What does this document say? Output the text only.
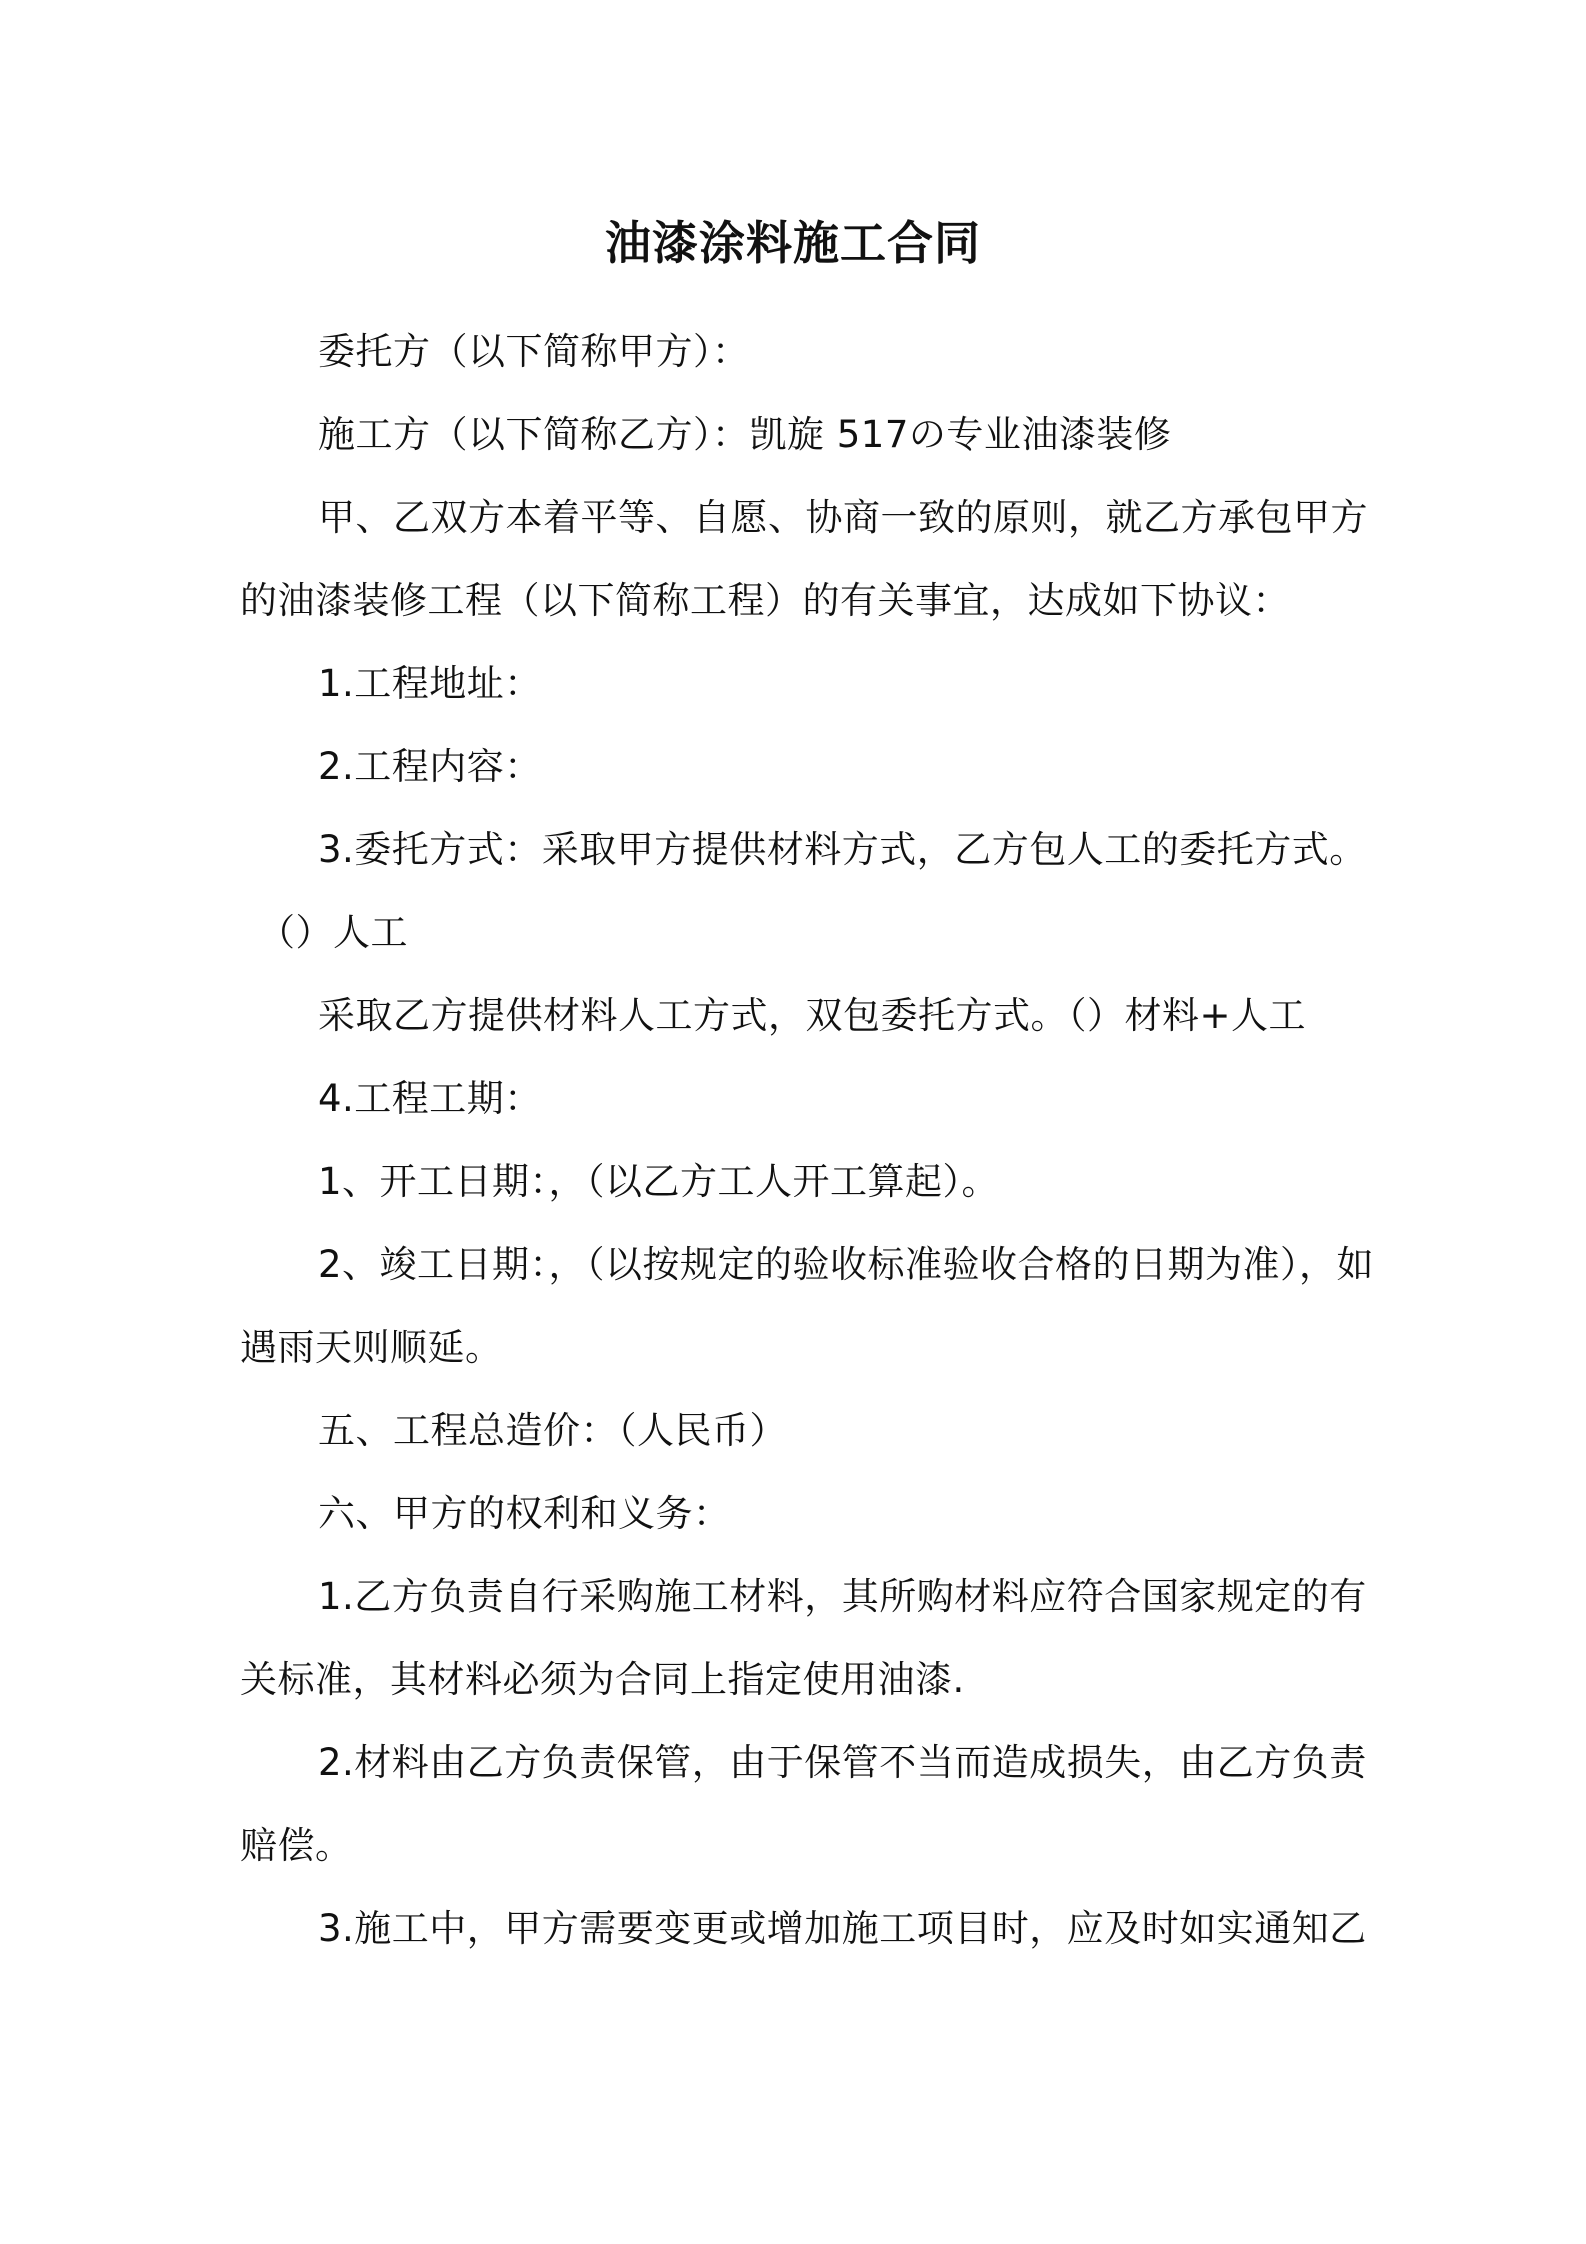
油漆涂料施工合同
委托方（以下简称甲方）：
施工方（以下简称乙方）：凯旋 517の专业油漆装修
甲、乙双方本着平等、自愿、协商一致的原则，就乙方承包甲方
的油漆装修工程（以下简称工程）的有关事宜，达成如下协议：
1.工程地址：
2.工程内容：
3.委托方式：采取甲方提供材料方式，乙方包人工的委托方式。
（）人工
采取乙方提供材料人工方式，双包委托方式。（）材料+人工
4.工程工期：
1、开工日期：，（以乙方工人开工算起）。
2、竣工日期：，（以按规定的验收标准验收合格的日期为准），如
遇雨天则顺延。
五、工程总造价：（人民币）
六、甲方的权利和义务：
1.乙方负责自行采购施工材料，其所购材料应符合国家规定的有
关标准，其材料必须为合同上指定使用油漆.
2.材料由乙方负责保管，由于保管不当而造成损失，由乙方负责
赔偿。
3.施工中，甲方需要变更或增加施工项目时，应及时如实通知乙
